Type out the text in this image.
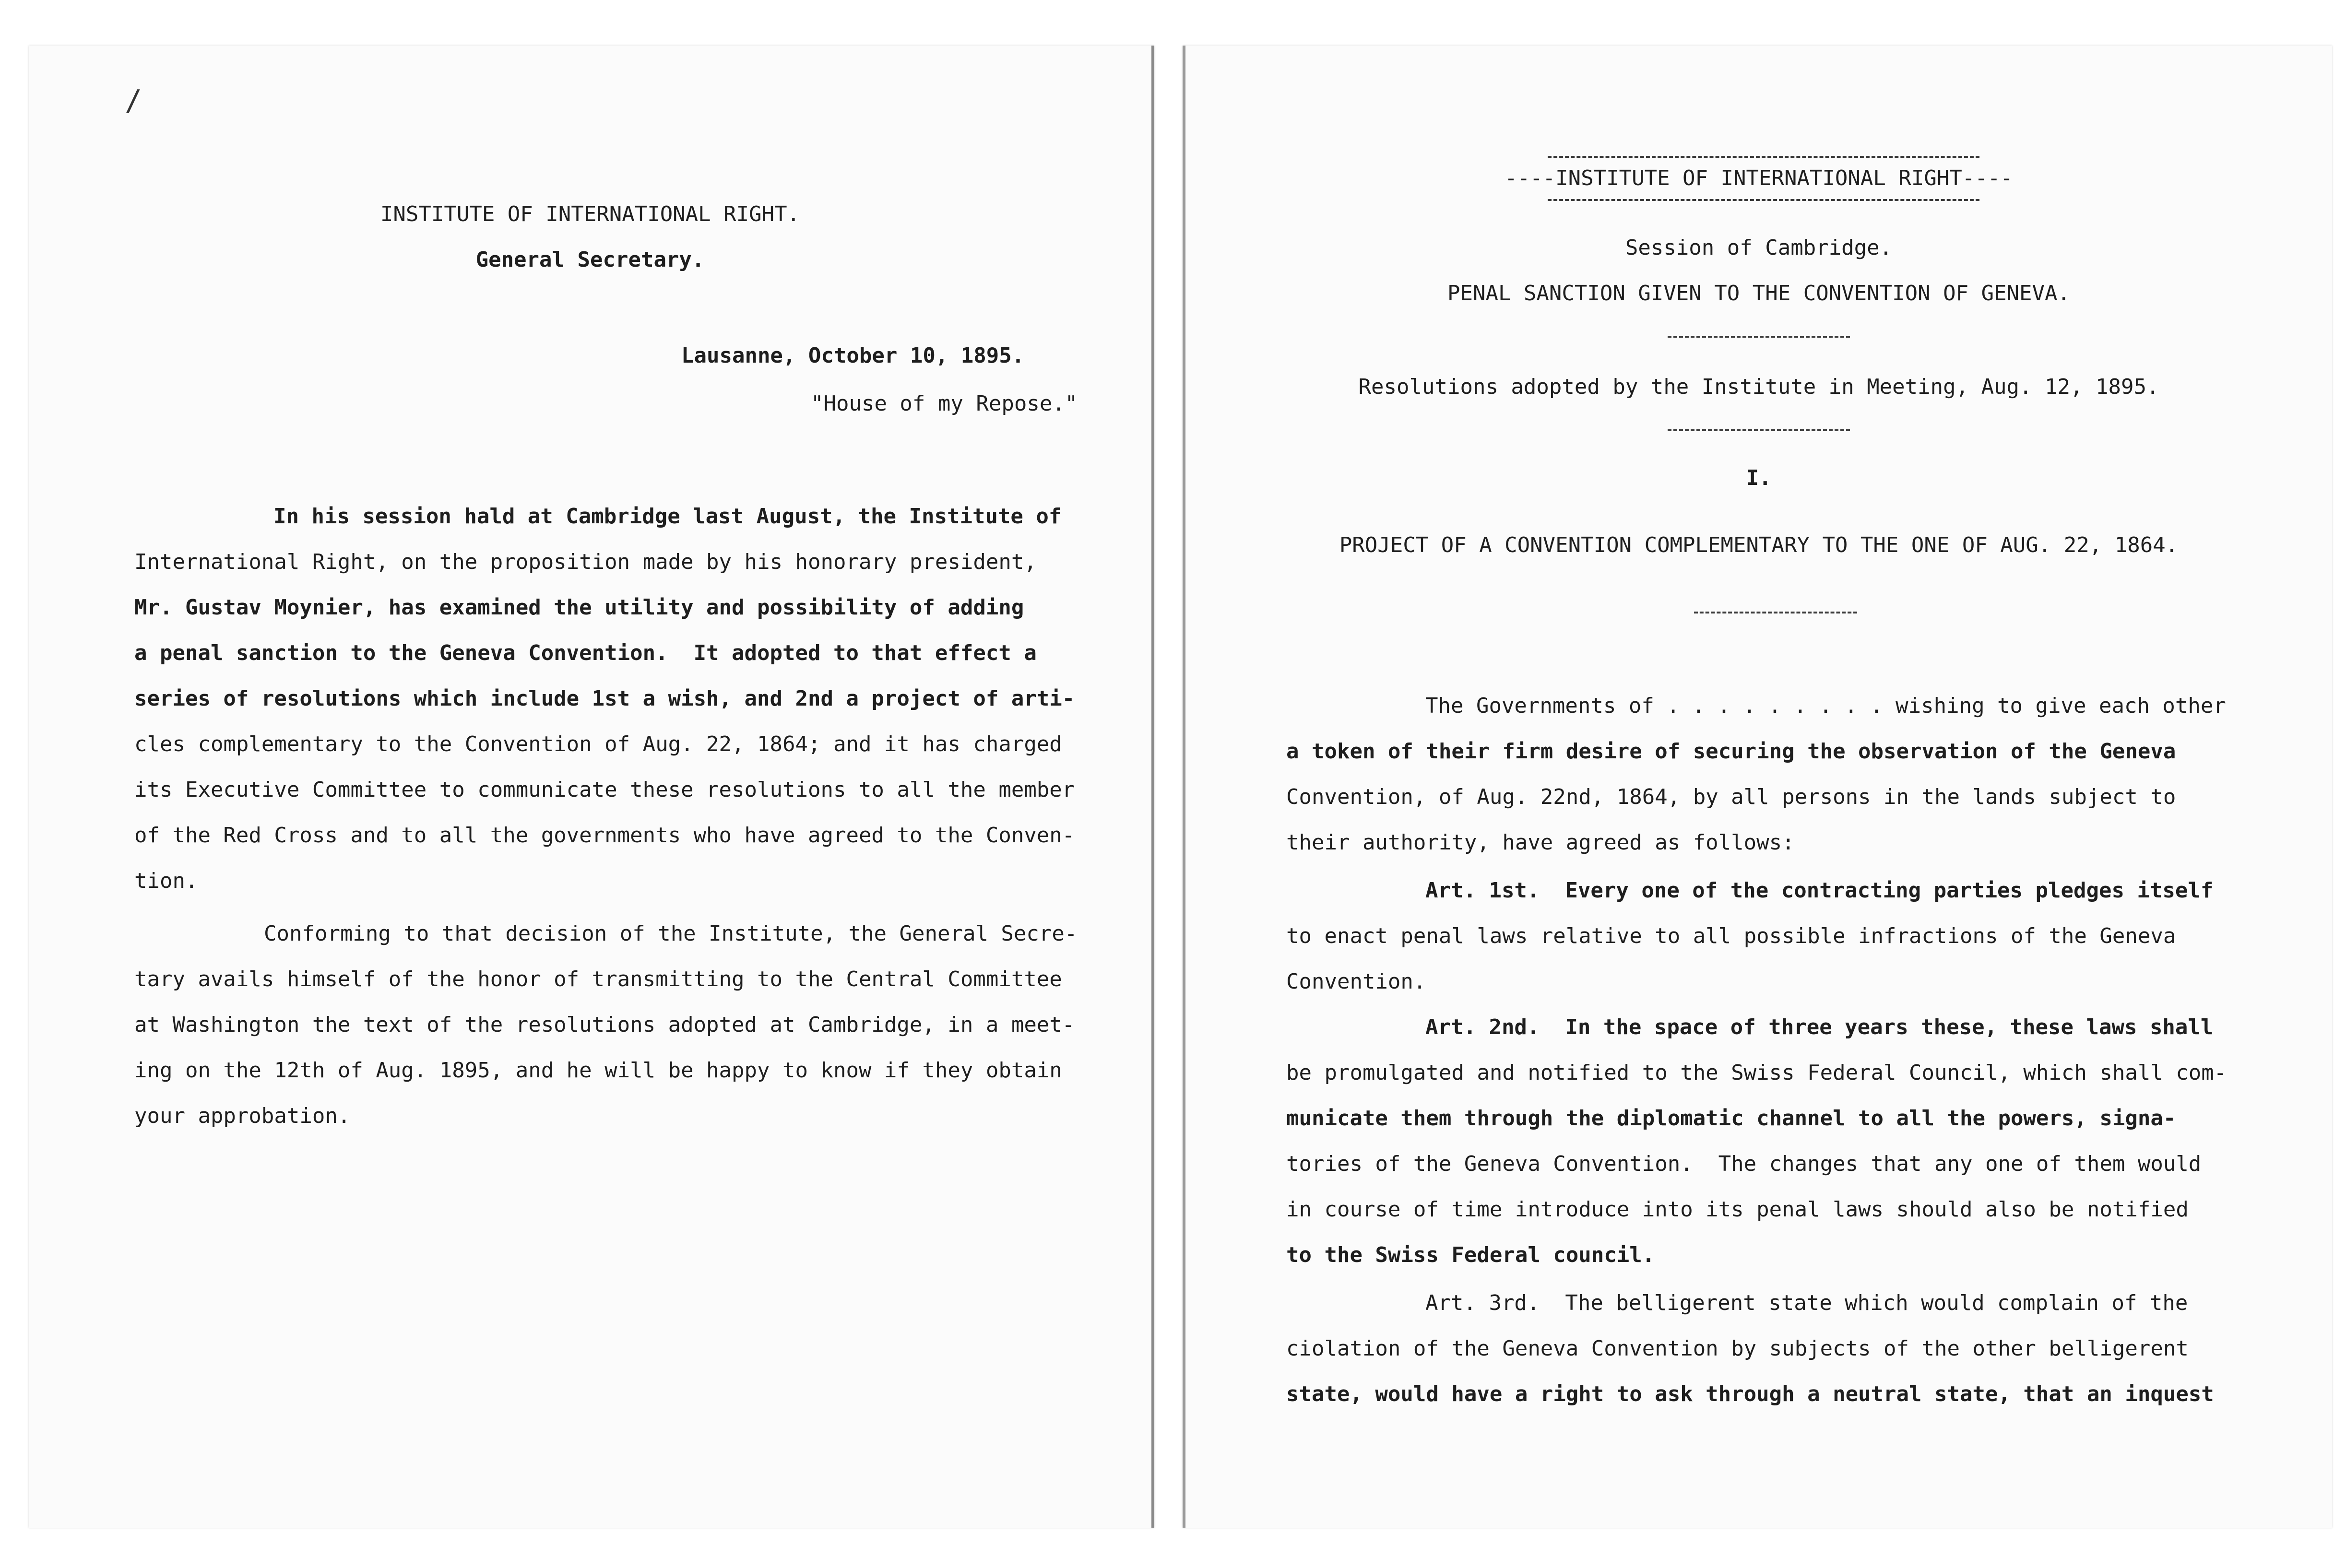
/
INSTITUTE OF INTERNATIONAL RIGHT.
General Secretary.
Lausanne, October 10, 1895.
"House of my Repose."
In his session hald at Cambridge last August, the Institute of
International Right, on the proposition made by his honorary president,
Mr. Gustav Moynier, has examined the utility and possibility of adding
a penal sanction to the Geneva Convention.  It adopted to that effect a
series of resolutions which include 1st a wish, and 2nd a project of arti-
cles complementary to the Convention of Aug. 22, 1864; and it has charged
its Executive Committee to communicate these resolutions to all the member
of the Red Cross and to all the governments who have agreed to the Conven-
tion.
Conforming to that decision of the Institute, the General Secre-
tary avails himself of the honor of transmitting to the Central Committee
at Washington the text of the resolutions adopted at Cambridge, in a meet-
ing on the 12th of Aug. 1895, and he will be happy to know if they obtain
your approbation.
----INSTITUTE OF INTERNATIONAL RIGHT----
Session of Cambridge.
PENAL SANCTION GIVEN TO THE CONVENTION OF GENEVA.
Resolutions adopted by the Institute in Meeting, Aug. 12, 1895.
I.
PROJECT OF A CONVENTION COMPLEMENTARY TO THE ONE OF AUG. 22, 1864.
The Governments of . . . . . . . . . wishing to give each other
a token of their firm desire of securing the observation of the Geneva
Convention, of Aug. 22nd, 1864, by all persons in the lands subject to
their authority, have agreed as follows:
Art. 1st.  Every one of the contracting parties pledges itself
to enact penal laws relative to all possible infractions of the Geneva
Convention.
Art. 2nd.  In the space of three years these, these laws shall
be promulgated and notified to the Swiss Federal Council, which shall com-
municate them through the diplomatic channel to all the powers, signa-
tories of the Geneva Convention.  The changes that any one of them would
in course of time introduce into its penal laws should also be notified
to the Swiss Federal council.
Art. 3rd.  The belligerent state which would complain of the
ciolation of the Geneva Convention by subjects of the other belligerent
state, would have a right to ask through a neutral state, that an inquest
